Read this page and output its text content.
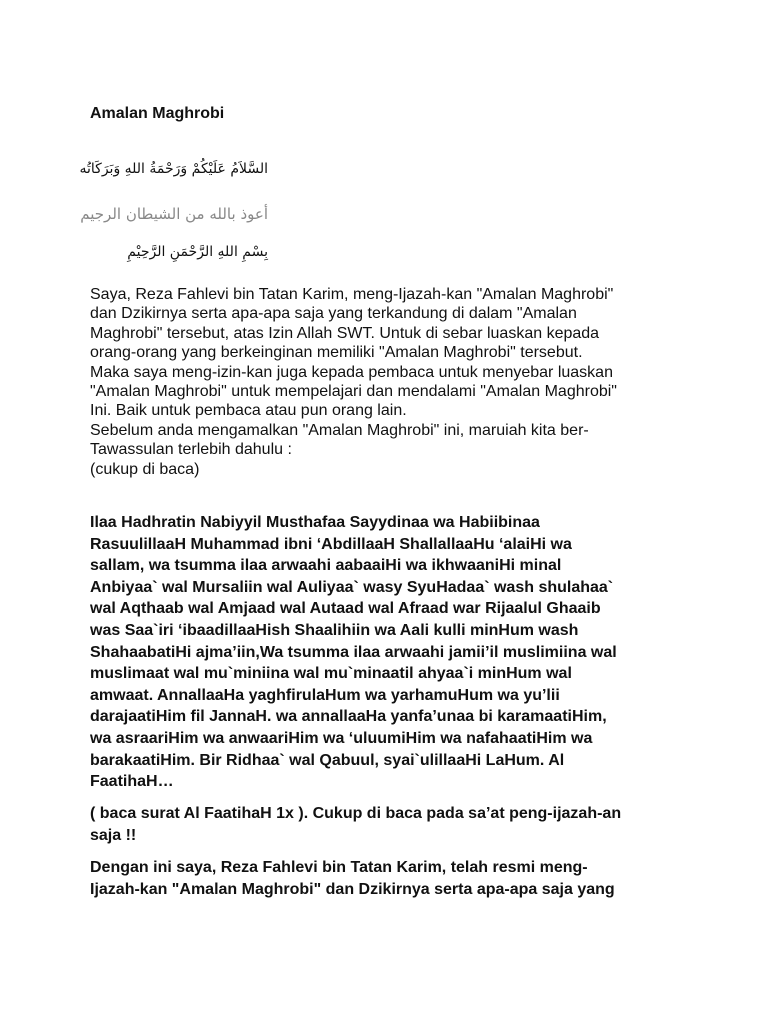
Amalan Maghrobi
السَّلاَمُ عَلَيْكُمْ وَرَحْمَةُ اللهِ وَبَرَكَاتُه
أعوذ بالله من الشيطان الرجيم
بِسْمِ اللهِ الرَّحْمَنِ الرَّحِيْمِ
Saya, Reza Fahlevi bin Tatan Karim, meng-Ijazah-kan "Amalan Maghrobi"
dan Dzikirnya serta apa-apa saja yang terkandung di dalam "Amalan
Maghrobi" tersebut, atas Izin Allah SWT. Untuk di sebar luaskan kepada
orang-orang yang berkeinginan memiliki "Amalan Maghrobi" tersebut.
Maka saya meng-izin-kan juga kepada pembaca untuk menyebar luaskan
"Amalan Maghrobi" untuk mempelajari dan mendalami "Amalan Maghrobi"
Ini. Baik untuk pembaca atau pun orang lain.
Sebelum anda mengamalkan "Amalan Maghrobi" ini, maruiah kita ber-
Tawassulan terlebih dahulu :
(cukup di baca)
Ilaa Hadhratin Nabiyyil Musthafaa Sayydinaa wa Habiibinaa
RasuulillaaH Muhammad ibni ‘AbdillaaH ShallallaaHu ‘alaiHi wa
sallam, wa tsumma ilaa arwaahi aabaaiHi wa ikhwaaniHi minal
Anbiyaa` wal Mursaliin wal Auliyaa` wasy SyuHadaa` wash shulahaa`
wal Aqthaab wal Amjaad wal Autaad wal Afraad war Rijaalul Ghaaib
was Saa`iri ‘ibaadillaaHish Shaalihiin wa Aali kulli minHum wash
ShahaabatiHi ajma’iin,Wa tsumma ilaa arwaahi jamii’il muslimiina wal
muslimaat wal mu`miniina wal mu`minaatil ahyaa`i minHum wal
amwaat. AnnallaaHa yaghfirulaHum wa yarhamuHum wa yu’lii
darajaatiHim fil JannaH. wa annallaaHa yanfa’unaa bi karamaatiHim,
wa asraariHim wa anwaariHim wa ‘uluumiHim wa nafahaatiHim wa
barakaatiHim. Bir Ridhaa` wal Qabuul, syai`ulillaaHi LaHum. Al
FaatihaH…
( baca surat Al FaatihaH 1x ). Cukup di baca pada sa’at peng-ijazah-an
saja !!
Dengan ini saya, Reza Fahlevi bin Tatan Karim, telah resmi meng-
Ijazah-kan "Amalan Maghrobi" dan Dzikirnya serta apa-apa saja yang
